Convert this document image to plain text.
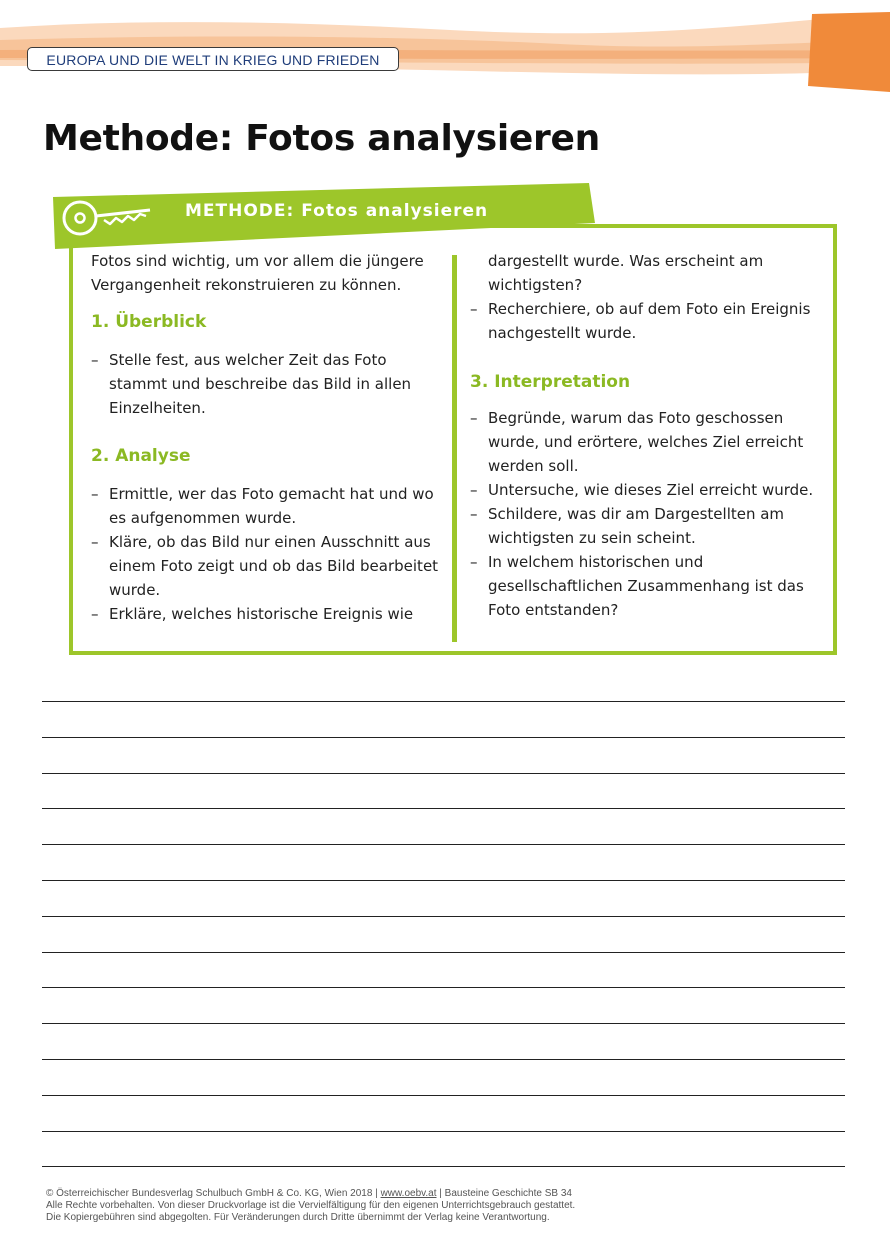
EUROPA UND DIE WELT IN KRIEG UND FRIEDEN
Methode: Fotos analysieren
METHODE: Fotos analysieren

Fotos sind wichtig, um vor allem die jüngere Vergangenheit rekonstruieren zu können.

1. Überblick

– Stelle fest, aus welcher Zeit das Foto stammt und beschreibe das Bild in allen Einzelheiten.

2. Analyse

– Ermittle, wer das Foto gemacht hat und wo es aufgenommen wurde.
– Kläre, ob das Bild nur einen Ausschnitt aus einem Foto zeigt und ob das Bild bearbeitet wurde.
– Erkläre, welches historische Ereignis wie

dargestellt wurde. Was erscheint am wichtigsten?

– Recherchiere, ob auf dem Foto ein Ereignis nachgestellt wurde.

3. Interpretation

– Begründe, warum das Foto geschossen wurde, und erörtere, welches Ziel erreicht werden soll.
– Untersuche, wie dieses Ziel erreicht wurde.
– Schildere, was dir am Dargestellten am wichtigsten zu sein scheint.
– In welchem historischen und gesellschaftlichen Zusammenhang ist das Foto entstanden?

© Österreichischer Bundesverlag Schulbuch GmbH & Co. KG, Wien 2018 | www.oebv.at | Bausteine Geschichte SB 34

Alle Rechte vorbehalten. Von dieser Druckvorlage ist die Vervielfältigung für den eigenen Unterrichtsgebrauch gestattet.

Die Kopiergebühren sind abgegolten. Für Veränderungen durch Dritte übernimmt der Verlag keine Verantwortung.
